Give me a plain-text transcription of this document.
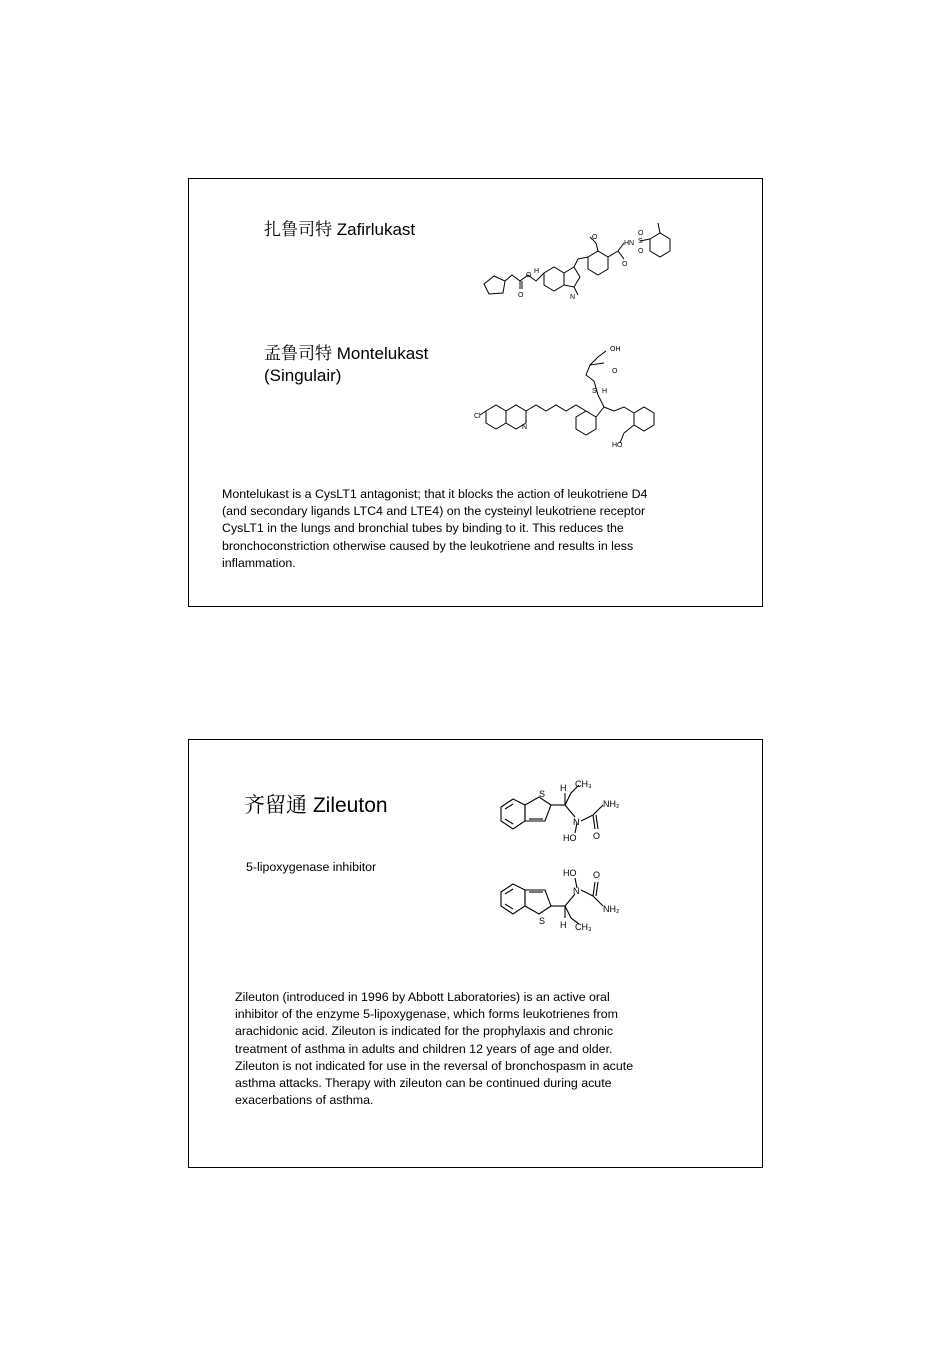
扎鲁司特 Zafirlukast
O
O
H
N
O
O
HN S
O
O
孟鲁司特 Montelukast
(Singulair)
Cl
N
S H
HO
OH
O
Montelukast is a CysLT1 antagonist; that it blocks the action of leukotriene D4
(and secondary ligands LTC4 and LTE4) on the cysteinyl leukotriene receptor
CysLT1 in the lungs and bronchial tubes by binding to it. This reduces the
bronchoconstriction otherwise caused by the leukotriene and results in less
inflammation.
齐留通 Zileuton
5-lipoxygenase inhibitor
S
H CH₃
N
NH₂
HO O
S H CH₃
N
NH₂
HO O
Zileuton (introduced in 1996 by Abbott Laboratories) is an active oral
inhibitor of the enzyme 5-lipoxygenase, which forms leukotrienes from
arachidonic acid. Zileuton is indicated for the prophylaxis and chronic
treatment of asthma in adults and children 12 years of age and older.
Zileuton is not indicated for use in the reversal of bronchospasm in acute
asthma attacks. Therapy with zileuton can be continued during acute
exacerbations of asthma.
